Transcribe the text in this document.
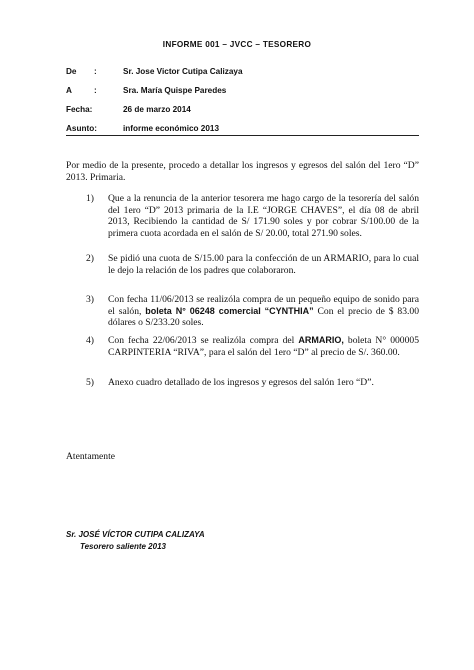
INFORME 001 – JVCC – TESORERO
De :	Sr. Jose Victor Cutipa Calizaya
A	:	Sra. María Quispe Paredes
Fecha:	26 de marzo 2014
Asunto:	informe económico 2013
Por medio de la presente, procedo a detallar los ingresos y egresos del salón del 1ero “D” 2013. Primaria.
1) Que a la renuncia de la anterior tesorera me hago cargo de la tesorería del salón del 1ero “D” 2013 primaria de la I.E “JORGE CHAVES”, el día 08 de abril 2013, Recibiendo la cantidad de S/ 171.90 soles y por cobrar S/100.00 de la primera cuota acordada en el salón de S/ 20.00, total 271.90 soles.
2) Se pidió una cuota de S/15.00 para la confección de un ARMARIO, para lo cual le dejo la relación de los padres que colaboraron.
3) Con fecha 11/06/2013 se realizóla compra de un pequeño equipo de sonido para el salón, boleta N° 06248 comercial “CYNTHIA” Con el precio de $ 83.00 dólares o S/233.20 soles.
4) Con fecha 22/06/2013 se realizóla compra del ARMARIO, boleta N° 000005 CARPINTERIA “RIVA”, para el salón del 1ero “D” al precio de S/. 360.00.
5) Anexo cuadro detallado de los ingresos y egresos del salón 1ero “D”.
Atentamente
Sr. JOSÉ VÍCTOR CUTIPA CALIZAYA
Tesorero saliente 2013
